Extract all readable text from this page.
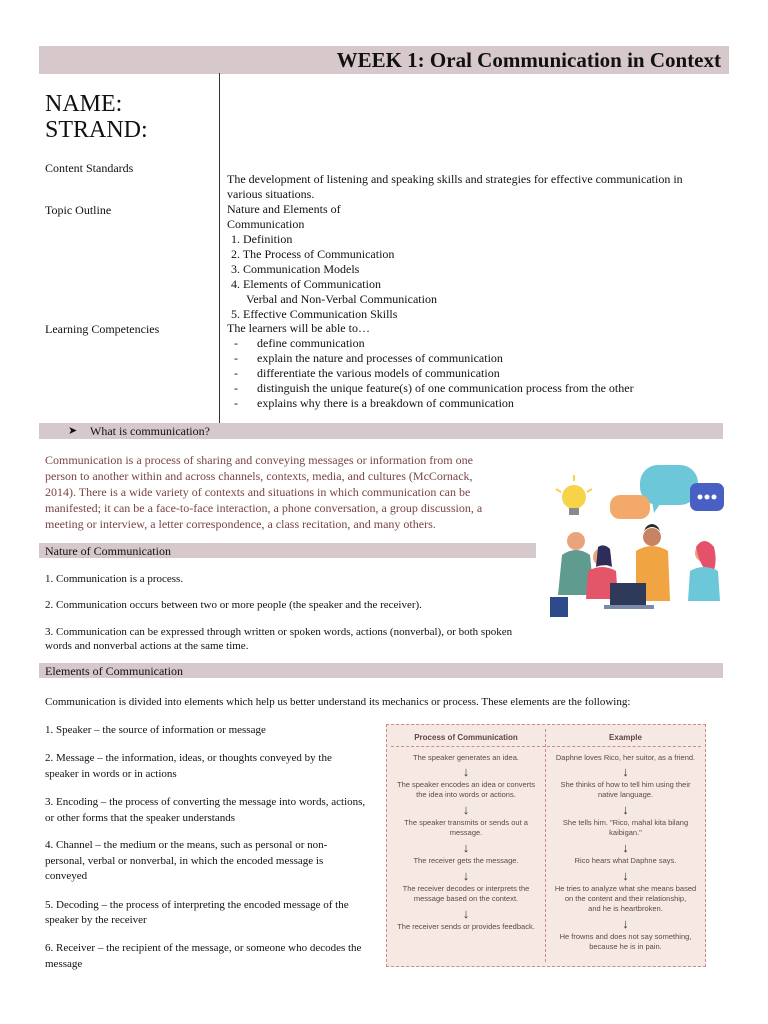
WEEK 1: Oral Communication in Context
NAME:
STRAND:
Content Standards
The development of listening and speaking skills and strategies for effective communication in
various situations.
Topic Outline	Nature and Elements of
Communication
1. Definition
2. The Process of Communication
3. Communication Models
4. Elements of Communication
Verbal and Non-Verbal Communication
5. Effective Communication Skills
Learning Competencies	The learners will be able to…
- define communication
- explain the nature and processes of communication
- differentiate the various models of communication
- distinguish the unique feature(s) of one communication process from the other
- explains why there is a breakdown of communication
➤ What is communication?
Communication is a process of sharing and conveying messages or information from one
person to another within and across channels, contexts, media, and cultures (McCornack,
2014). There is a wide variety of contexts and situations in which communication can be
manifested; it can be a face-to-face interaction, a phone conversation, a group discussion, a
meeting or interview, a letter correspondence, a class recitation, and many others.
Nature of Communication
1. Communication is a process.
2. Communication occurs between two or more people (the speaker and the receiver).
3. Communication can be expressed through written or spoken words, actions (nonverbal), or both spoken
words and nonverbal actions at the same time.
Elements of Communication
Communication is divided into elements which help us better understand its mechanics or process. These elements are the following:
1. Speaker – the source of information or message
2. Message – the information, ideas, or thoughts conveyed by the
speaker in words or in actions
3. Encoding – the process of converting the message into words, actions,
or other forms that the speaker understands
4. Channel – the medium or the means, such as personal or non-
personal, verbal or nonverbal, in which the encoded message is
conveyed
5. Decoding – the process of interpreting the encoded message of the
speaker by the receiver
6. Receiver – the recipient of the message, or someone who decodes the
message
Process of Communication
The speaker generates an idea.
↓
The speaker encodes an idea or converts
the idea into words or actions.
↓
The speaker transmits or sends out a
message.
↓
The receiver gets the message.
↓
The receiver decodes or interprets the
message based on the context.
↓
The receiver sends or provides feedback.
Example
Daphne loves Rico, her suitor, as a friend.
↓
She thinks of how to tell him using their
native language.
↓
She tells him. "Rico, mahal kita bilang
kaibigan."
↓
Rico hears what Daphne says.
↓
He tries to analyze what she means based
on the content and their relationship,
and he is heartbroken.
↓
He frowns and does not say something,
because he is in pain.
